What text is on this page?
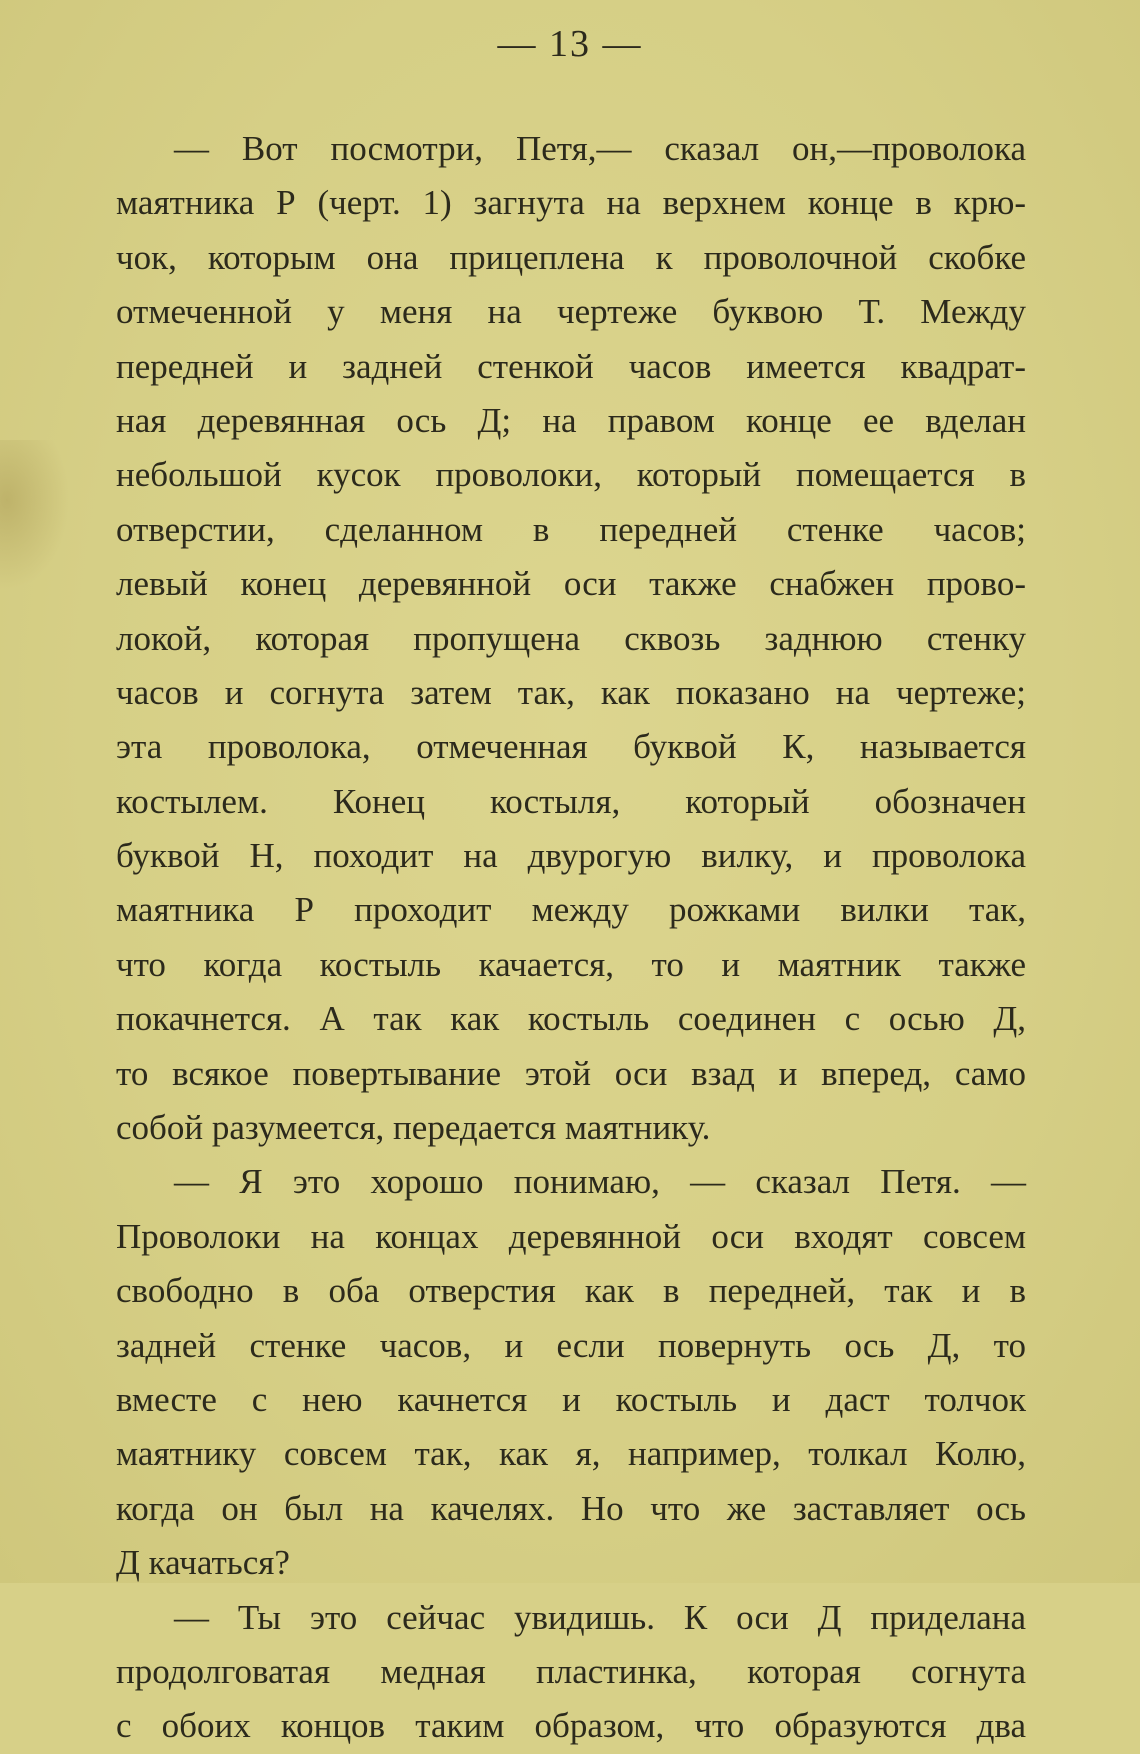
— 13 —
— Вот посмотри, Петя,— сказал он,—проволока
маятника Р (черт. 1) загнута на верхнем конце в крю-
чок, которым она прицеплена к проволочной скобке
отмеченной у меня на чертеже буквою Т. Между
передней и задней стенкой часов имеется квадрат-
ная деревянная ось Д; на правом конце ее вделан
небольшой кусок проволоки, который помещается в
отверстии, сделанном в передней стенке часов;
левый конец деревянной оси также снабжен прово-
локой, которая пропущена сквозь заднюю стенку
часов и согнута затем так, как показано на чертеже;
эта проволока, отмеченная буквой К, называется
костылем. Конец костыля, который обозначен
буквой Н, походит на двурогую вилку, и проволока
маятника Р проходит между рожками вилки так,
что когда костыль качается, то и маятник также
покачнется. А так как костыль соединен с осью Д,
то всякое повертывание этой оси взад и вперед, само
собой разумеется, передается маятнику.
— Я это хорошо понимаю, — сказал Петя. —
Проволоки на концах деревянной оси входят совсем
свободно в оба отверстия как в передней, так и в
задней стенке часов, и если повернуть ось Д, то
вместе с нею качнется и костыль и даст толчок
маятнику совсем так, как я, например, толкал Колю,
когда он был на качелях. Но что же заставляет ось
Д качаться?
— Ты это сейчас увидишь. К оси Д приделана
продолговатая медная пластинка, которая согнута
с обоих концов таким образом, что образуются два
